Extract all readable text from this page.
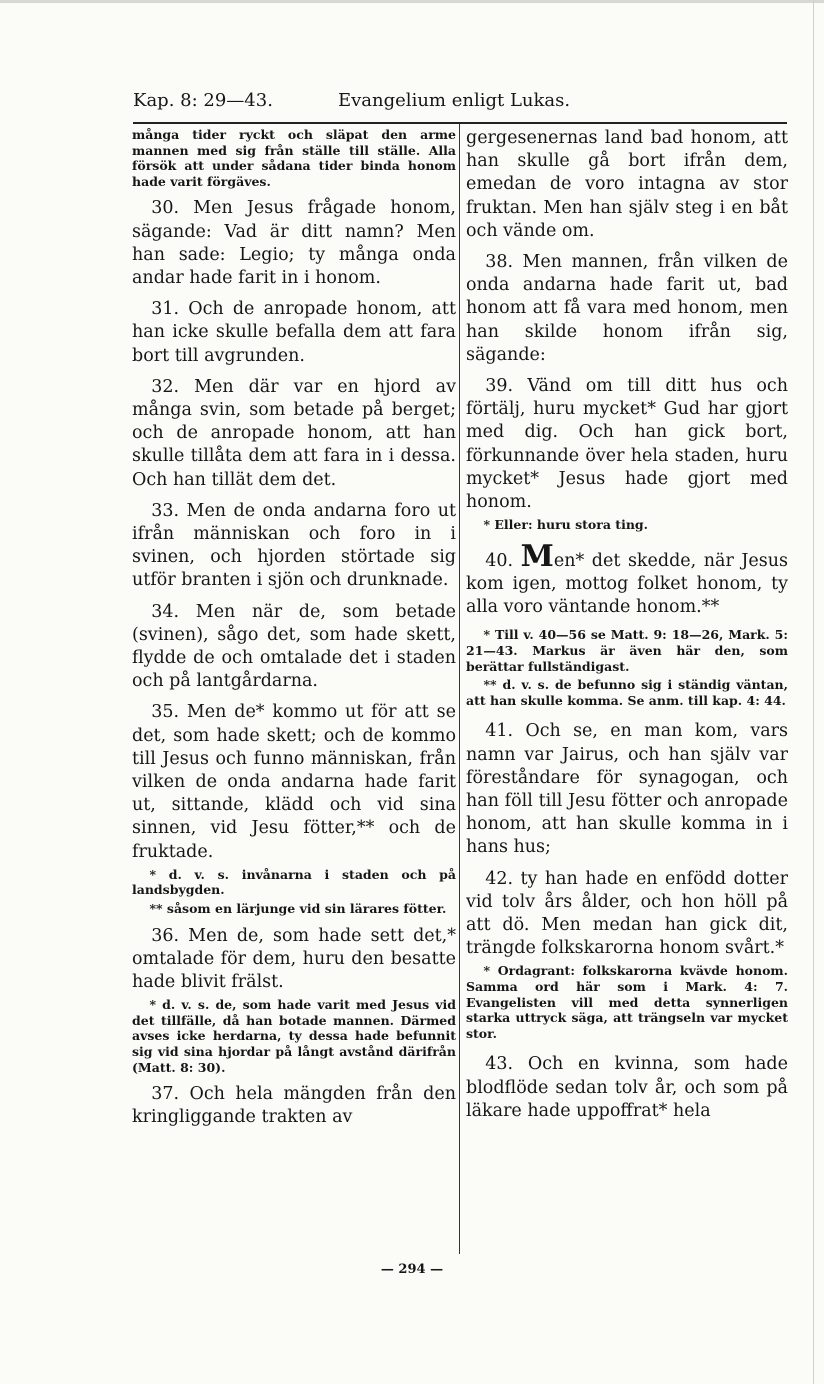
Kap. 8: 29—43.	Evangelium enligt Lukas.

många tider ryckt och släpat den arme mannen med sig från ställe till ställe. Alla försök att under sådana tider binda honom hade varit förgäves.

30. Men Jesus frågade honom, sägande: Vad är ditt namn? Men han sade: Legio; ty många onda andar hade farit in i honom.

31. Och de anropade honom, att han icke skulle befalla dem att fara bort till avgrunden.

32. Men där var en hjord av många svin, som betade på berget; och de anropade honom, att han skulle tillåta dem att fara in i dessa. Och han tillät dem det.

33. Men de onda andarna foro ut ifrån människan och foro in i svinen, och hjorden störtade sig utför branten i sjön och drunknade.

34. Men när de, som betade (svinen), sågo det, som hade skett, flydde de och omtalade det i staden och på lantgårdarna.

35. Men de* kommo ut för att se det, som hade skett; och de kommo till Jesus och funno människan, från vilken de onda andarna hade farit ut, sittande, klädd och vid sina sinnen, vid Jesu fötter,** och de fruktade.

* d. v. s. invånarna i staden och på landsbygden.

** såsom en lärjunge vid sin lärares fötter.

36. Men de, som hade sett det,* omtalade för dem, huru den besatte hade blivit frälst.

* d. v. s. de, som hade varit med Jesus vid det tillfälle, då han botade mannen. Därmed avses icke herdarna, ty dessa hade befunnit sig vid sina hjordar på långt avstånd därifrån (Matt. 8: 30).

37. Och hela mängden från den kringliggande trakten av

gergesenernas land bad honom, att han skulle gå bort ifrån dem, emedan de voro intagna av stor fruktan. Men han själv steg i en båt och vände om.

38. Men mannen, från vilken de onda andarna hade farit ut, bad honom att få vara med honom, men han skilde honom ifrån sig, sägande:

39. Vänd om till ditt hus och förtälj, huru mycket* Gud har gjort med dig. Och han gick bort, förkunnande över hela staden, huru mycket* Jesus hade gjort med honom.

* Eller: huru stora ting.

40. Men* det skedde, när Jesus kom igen, mottog folket honom, ty alla voro väntande honom.**

* Till v. 40—56 se Matt. 9: 18—26, Mark. 5: 21—43. Markus är även här den, som berättar fullständigast.

** d. v. s. de befunno sig i ständig väntan, att han skulle komma. Se anm. till kap. 4: 44.

41. Och se, en man kom, vars namn var Jairus, och han själv var föreståndare för synagogan, och han föll till Jesu fötter och anropade honom, att han skulle komma in i hans hus;

42. ty han hade en enfödd dotter vid tolv års ålder, och hon höll på att dö. Men medan han gick dit, trängde folkskarorna honom svårt.*

* Ordagrant: folkskarorna kvävde honom. Samma ord här som i Mark. 4: 7. Evangelisten vill med detta synnerligen starka uttryck säga, att trängseln var mycket stor.

43. Och en kvinna, som hade blodflöde sedan tolv år, och som på läkare hade uppoffrat* hela

— 294 —
